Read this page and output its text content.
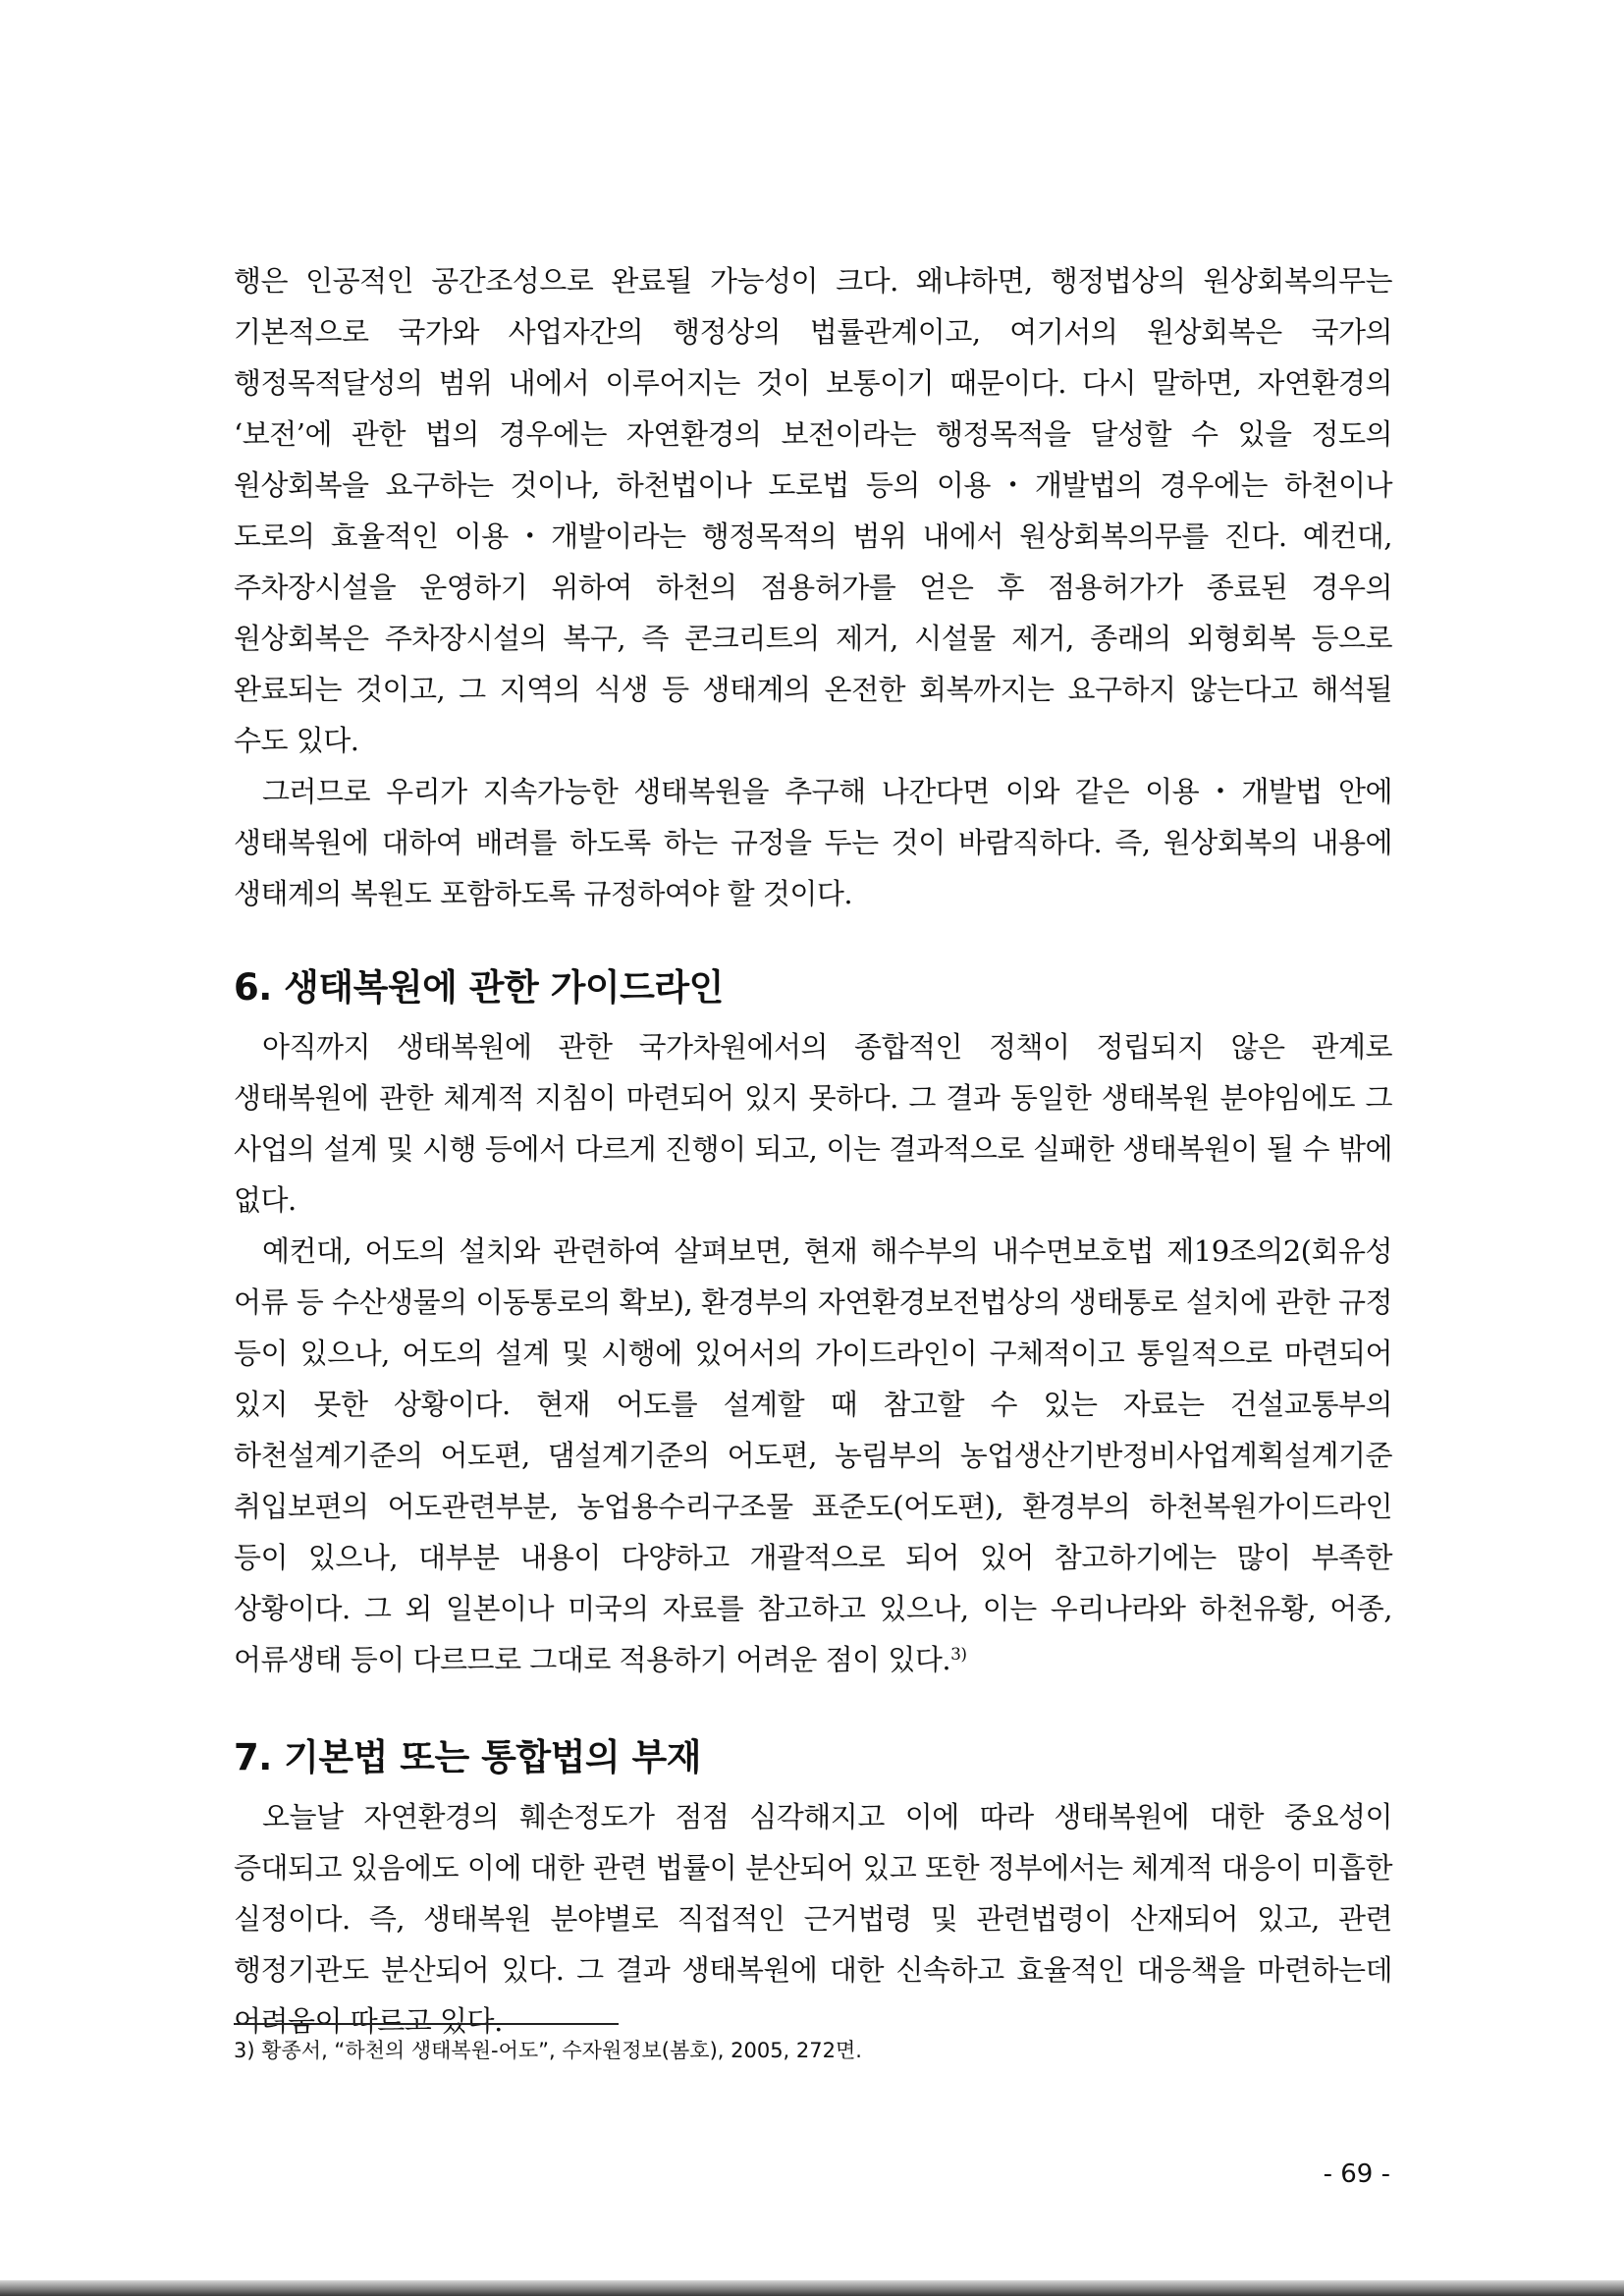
행은 인공적인 공간조성으로 완료될 가능성이 크다. 왜냐하면, 행정법상의 원상회복의무는 기본적으로 국가와 사업자간의 행정상의 법률관계이고, 여기서의 원상회복은 국가의 행정목적달성의 범위 내에서 이루어지는 것이 보통이기 때문이다. 다시 말하면, 자연환경의 ‘보전’에 관한 법의 경우에는 자연환경의 보전이라는 행정목적을 달성할 수 있을 정도의 원상회복을 요구하는 것이나, 하천법이나 도로법 등의 이용・개발법의 경우에는 하천이나 도로의 효율적인 이용・개발이라는 행정목적의 범위 내에서 원상회복의무를 진다. 예컨대, 주차장시설을 운영하기 위하여 하천의 점용허가를 얻은 후 점용허가가 종료된 경우의 원상회복은 주차장시설의 복구, 즉 콘크리트의 제거, 시설물 제거, 종래의 외형회복 등으로 완료되는 것이고, 그 지역의 식생 등 생태계의 온전한 회복까지는 요구하지 않는다고 해석될 수도 있다.

그러므로 우리가 지속가능한 생태복원을 추구해 나간다면 이와 같은 이용・개발법 안에 생태복원에 대하여 배려를 하도록 하는 규정을 두는 것이 바람직하다. 즉, 원상회복의 내용에 생태계의 복원도 포함하도록 규정하여야 할 것이다.

6. 생태복원에 관한 가이드라인

아직까지 생태복원에 관한 국가차원에서의 종합적인 정책이 정립되지 않은 관계로 생태복원에 관한 체계적 지침이 마련되어 있지 못하다. 그 결과 동일한 생태복원 분야임에도 그 사업의 설계 및 시행 등에서 다르게 진행이 되고, 이는 결과적으로 실패한 생태복원이 될 수 밖에 없다.

예컨대, 어도의 설치와 관련하여 살펴보면, 현재 해수부의 내수면보호법 제19조의2(회유성 어류 등 수산생물의 이동통로의 확보), 환경부의 자연환경보전법상의 생태통로 설치에 관한 규정 등이 있으나, 어도의 설계 및 시행에 있어서의 가이드라인이 구체적이고 통일적으로 마련되어 있지 못한 상황이다. 현재 어도를 설계할 때 참고할 수 있는 자료는 건설교통부의 하천설계기준의 어도편, 댐설계기준의 어도편, 농림부의 농업생산기반정비사업계획설계기준 취입보편의 어도관련부분, 농업용수리구조물 표준도(어도편), 환경부의 하천복원가이드라인 등이 있으나, 대부분 내용이 다양하고 개괄적으로 되어 있어 참고하기에는 많이 부족한 상황이다. 그 외 일본이나 미국의 자료를 참고하고 있으나, 이는 우리나라와 하천유황, 어종, 어류생태 등이 다르므로 그대로 적용하기 어려운 점이 있다.$^{3)}$

7. 기본법 또는 통합법의 부재

오늘날 자연환경의 훼손정도가 점점 심각해지고 이에 따라 생태복원에 대한 중요성이 증대되고 있음에도 이에 대한 관련 법률이 분산되어 있고 또한 정부에서는 체계적 대응이 미흡한 실정이다. 즉, 생태복원 분야별로 직접적인 근거법령 및 관련법령이 산재되어 있고, 관련 행정기관도 분산되어 있다. 그 결과 생태복원에 대한 신속하고 효율적인 대응책을 마련하는데 어려움이 따르고 있다.

3) 황종서, “하천의 생태복원-어도”, 수자원정보(봄호), 2005, 272면.
- 69 -
